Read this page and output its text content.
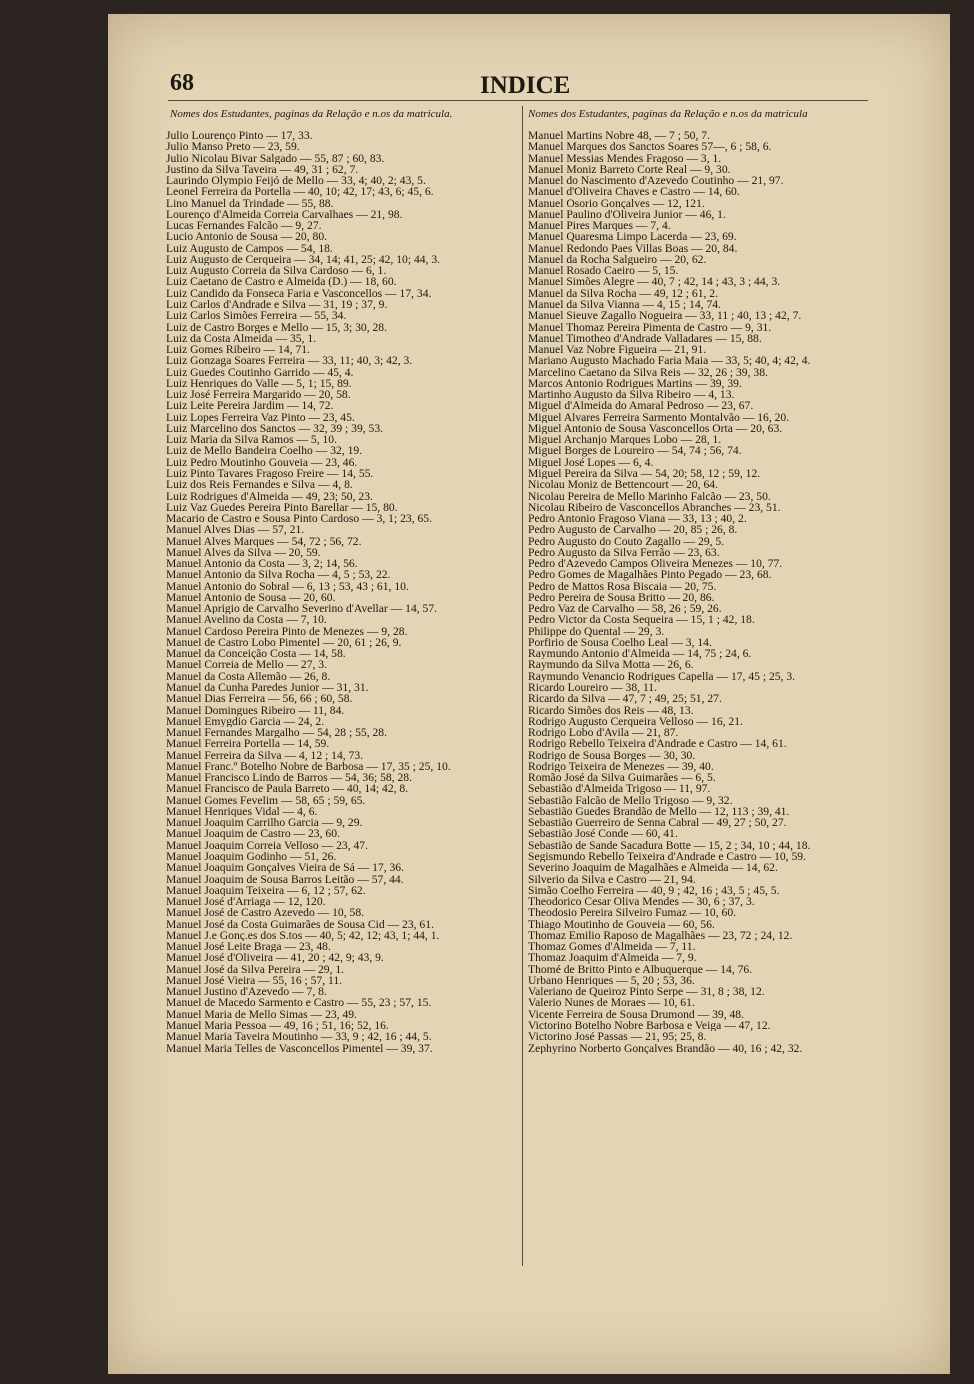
68	INDICE
Nomes dos Estudantes, paginas da Relação e n.os da matricula.	Nomes dos Estudantes, paginas da Relação e n.os da matricula
Julio Lourenço Pinto — 17, 33.
Julio Manso Preto — 23, 59.
Julio Nicolau Bivar Salgado — 55, 87 ; 60, 83.
Justino da Silva Taveira — 49, 31 ; 62, 7.
Laurindo Olympio Feijó de Mello — 33, 4; 40, 2; 43, 5.
Leonel Ferreira da Portella — 40, 10; 42, 17; 43, 6; 45, 6.
Lino Manuel da Trindade — 55, 88.
Lourenço d'Almeida Correia Carvalhaes — 21, 98.
Lucas Fernandes Falcão — 9, 27.
Lucio Antonio de Sousa — 20, 80.
Luiz Augusto de Campos — 54, 18.
Luiz Augusto de Cerqueira — 34, 14; 41, 25; 42, 10; 44, 3.
Luiz Augusto Correia da Silva Cardoso — 6, 1.
Luiz Caetano de Castro e Almeida (D.) — 18, 60.
Luiz Candido da Fonseca Faria e Vasconcellos — 17, 34.
Luiz Carlos d'Andrade e Silva — 31, 19 ; 37, 9.
Luiz Carlos Simões Ferreira — 55, 34.
Luiz de Castro Borges e Mello — 15, 3; 30, 28.
Luiz da Costa Almeida — 35, 1.
Luiz Gomes Ribeiro — 14, 71.
Luiz Gonzaga Soares Ferreira — 33, 11; 40, 3; 42, 3.
Luiz Guedes Coutinho Garrido — 45, 4.
Luiz Henriques do Valle — 5, 1; 15, 89.
Luiz José Ferreira Margarido — 20, 58.
Luiz Leite Pereira Jardim — 14, 72.
Luiz Lopes Ferreira Vaz Pinto — 23, 45.
Luiz Marcelino dos Sanctos — 32, 39 ; 39, 53.
Luiz Maria da Silva Ramos — 5, 10.
Luiz de Mello Bandeira Coelho — 32, 19.
Luiz Pedro Moutinho Gouveia — 23, 46.
Luiz Pinto Tavares Fragoso Freire — 14, 55.
Luiz dos Reis Fernandes e Silva — 4, 8.
Luiz Rodrigues d'Almeida — 49, 23; 50, 23.
Luiz Vaz Guedes Pereira Pinto Barellar — 15, 80.
Macario de Castro e Sousa Pinto Cardoso — 3, 1; 23, 65.
Manuel Alves Dias — 57, 21.
Manuel Alves Marques — 54, 72 ; 56, 72.
Manuel Alves da Silva — 20, 59.
Manuel Antonio da Costa — 3, 2; 14, 56.
Manuel Antonio da Silva Rocha — 4, 5 ; 53, 22.
Manuel Antonio do Sobral — 6, 13 ; 53, 43 ; 61, 10.
Manuel Antonio de Sousa — 20, 60.
Manuel Aprigio de Carvalho Severino d'Avellar — 14, 57.
Manuel Avelino da Costa — 7, 10.
Manuel Cardoso Pereira Pinto de Menezes — 9, 28.
Manuel de Castro Lobo Pimentel — 20, 61 ; 26, 9.
Manuel da Conceição Costa — 14, 58.
Manuel Correia de Mello — 27, 3.
Manuel da Costa Allemão — 26, 8.
Manuel da Cunha Paredes Junior — 31, 31.
Manuel Dias Ferreira — 56, 66 ; 60, 58.
Manuel Domingues Ribeiro — 11, 84.
Manuel Emygdio Garcia — 24, 2.
Manuel Fernandes Margalho — 54, 28 ; 55, 28.
Manuel Ferreira Portella — 14, 59.
Manuel Ferreira da Silva — 4, 12 ; 14, 73.
Manuel Franc.º Botelho Nobre de Barbosa — 17, 35 ; 25, 10.
Manuel Francisco Lindo de Barros — 54, 36; 58, 28.
Manuel Francisco de Paula Barreto — 40, 14; 42, 8.
Manuel Gomes Fevelim — 58, 65 ; 59, 65.
Manuel Henriques Vidal — 4, 6.
Manuel Joaquim Carrilho Garcia — 9, 29.
Manuel Joaquim de Castro — 23, 60.
Manuel Joaquim Correia Velloso — 23, 47.
Manuel Joaquim Godinho — 51, 26.
Manuel Joaquim Gonçalves Vieira de Sá — 17, 36.
Manuel Joaquim de Sousa Barros Leitão — 57, 44.
Manuel Joaquim Teixeira — 6, 12 ; 57, 62.
Manuel José d'Arriaga — 12, 120.
Manuel José de Castro Azevedo — 10, 58.
Manuel José da Costa Guimarães de Sousa Cid — 23, 61.
Manuel J.e Gonç.es dos S.tos — 40, 5; 42, 12; 43, 1; 44, 1.
Manuel José Leite Braga — 23, 48.
Manuel José d'Oliveira — 41, 20 ; 42, 9; 43, 9.
Manuel José da Silva Pereira — 29, 1.
Manuel José Vieira — 55, 16 ; 57, 11.
Manuel Justino d'Azevedo — 7, 8.
Manuel de Macedo Sarmento e Castro — 55, 23 ; 57, 15.
Manuel Maria de Mello Simas — 23, 49.
Manuel Maria Pessoa — 49, 16 ; 51, 16; 52, 16.
Manuel Maria Taveira Moutinho — 33, 9 ; 42, 16 ; 44, 5.
Manuel Maria Telles de Vasconcellos Pimentel — 39, 37.
Manuel Martins Nobre 48, — 7 ; 50, 7.
Manuel Marques dos Sanctos Soares 57—, 6 ; 58, 6.
Manuel Messias Mendes Fragoso — 3, 1.
Manuel Moniz Barreto Corte Real — 9, 30.
Manuel do Nascimento d'Azevedo Coutinho — 21, 97.
Manuel d'Oliveira Chaves e Castro — 14, 60.
Manuel Osorio Gonçalves — 12, 121.
Manuel Paulino d'Oliveira Junior — 46, 1.
Manuel Pires Marques — 7, 4.
Manuel Quaresma Limpo Lacerda — 23, 69.
Manuel Redondo Paes Villas Boas — 20, 84.
Manuel da Rocha Salgueiro — 20, 62.
Manuel Rosado Caeiro — 5, 15.
Manuel Simões Alegre — 40, 7 ; 42, 14 ; 43, 3 ; 44, 3.
Manuel da Silva Rocha — 49, 12 ; 61, 2.
Manuel da Silva Vianna — 4, 15 ; 14, 74.
Manuel Sieuve Zagallo Nogueira — 33, 11 ; 40, 13 ; 42, 7.
Manuel Thomaz Pereira Pimenta de Castro — 9, 31.
Manuel Timotheo d'Andrade Valladares — 15, 88.
Manuel Vaz Nobre Figueira — 21, 91.
Mariano Augusto Machado Faria Maia — 33, 5; 40, 4; 42, 4.
Marcelino Caetano da Silva Reis — 32, 26 ; 39, 38.
Marcos Antonio Rodrigues Martins — 39, 39.
Martinho Augusto da Silva Ribeiro — 4, 13.
Miguel d'Almeida do Amaral Pedroso — 23, 67.
Miguel Alvares Ferreira Sarmento Montalvão — 16, 20.
Miguel Antonio de Sousa Vasconcellos Orta — 20, 63.
Miguel Archanjo Marques Lobo — 28, 1.
Miguel Borges de Loureiro — 54, 74 ; 56, 74.
Miguel José Lopes — 6, 4.
Miguel Pereira da Silva — 54, 20; 58, 12 ; 59, 12.
Nicolau Moniz de Bettencourt — 20, 64.
Nicolau Pereira de Mello Marinho Falcão — 23, 50.
Nicolau Ribeiro de Vasconcellos Abranches — 23, 51.
Pedro Antonio Fragoso Viana — 33, 13 ; 40, 2.
Pedro Augusto de Carvalho — 20, 85 ; 26, 8.
Pedro Augusto do Couto Zagallo — 29, 5.
Pedro Augusto da Silva Ferrão — 23, 63.
Pedro d'Azevedo Campos Oliveira Menezes — 10, 77.
Pedro Gomes de Magalhães Pinto Pegado — 23, 68.
Pedro de Mattos Rosa Biscaia — 20, 75.
Pedro Pereira de Sousa Britto — 20, 86.
Pedro Vaz de Carvalho — 58, 26 ; 59, 26.
Pedro Victor da Costa Sequeira — 15, 1 ; 42, 18.
Philippe do Quental — 29, 3.
Porfirio de Sousa Coelho Leal — 3, 14.
Raymundo Antonio d'Almeida — 14, 75 ; 24, 6.
Raymundo da Silva Motta — 26, 6.
Raymundo Venancio Rodrigues Capella — 17, 45 ; 25, 3.
Ricardo Loureiro — 38, 11.
Ricardo da Silva — 47, 7 ; 49, 25; 51, 27.
Ricardo Simões dos Reis — 48, 13.
Rodrigo Augusto Cerqueira Velloso — 16, 21.
Rodrigo Lobo d'Avila — 21, 87.
Rodrigo Rebello Teixeira d'Andrade e Castro — 14, 61.
Rodrigo de Sousa Borges — 30, 30.
Rodrigo Teixeira de Menezes — 39, 40.
Romão José da Silva Guimarães — 6, 5.
Sebastião d'Almeida Trigoso — 11, 97.
Sebastião Falcão de Mello Trigoso — 9, 32.
Sebastião Guedes Brandão de Mello — 12, 113 ; 39, 41.
Sebastião Guerreiro de Senna Cabral — 49, 27 ; 50, 27.
Sebastião José Conde — 60, 41.
Sebastião de Sande Sacadura Botte — 15, 2 ; 34, 10 ; 44, 18.
Segismundo Rebello Teixeira d'Andrade e Castro — 10, 59.
Severino Joaquim de Magalhães e Almeida — 14, 62.
Silverio da Silva e Castro — 21, 94.
Simão Coelho Ferreira — 40, 9 ; 42, 16 ; 43, 5 ; 45, 5.
Theodorico Cesar Oliva Mendes — 30, 6 ; 37, 3.
Theodosio Pereira Silveiro Fumaz — 10, 60.
Thiago Moutinho de Gouveia — 60, 56.
Thomaz Emilio Raposo de Magalhães — 23, 72 ; 24, 12.
Thomaz Gomes d'Almeida — 7, 11.
Thomaz Joaquim d'Almeida — 7, 9.
Thomé de Britto Pinto e Albuquerque — 14, 76.
Urbano Henriques — 5, 20 ; 53, 36.
Valeriano de Queiroz Pinto Serpe — 31, 8 ; 38, 12.
Valerio Nunes de Moraes — 10, 61.
Vicente Ferreira de Sousa Drumond — 39, 48.
Victorino Botelho Nobre Barbosa e Veiga — 47, 12.
Victorino José Passas — 21, 95; 25, 8.
Zephyrino Norberto Gonçalves Brandão — 40, 16 ; 42, 32.
